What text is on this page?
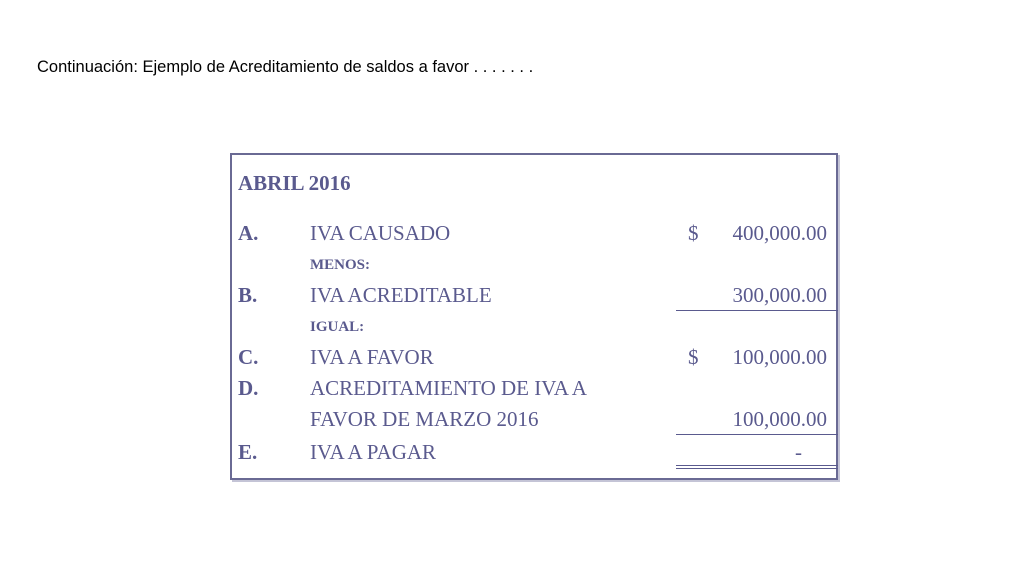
Continuación: Ejemplo de Acreditamiento de saldos a favor . . . . . . .
ABRIL 2016
A. IVA CAUSADO	$ 400,000.00
MENOS:
B.	IVA ACREDITABLE	300,000.00
IGUAL:
C. IVA A FAVOR	$ 100,000.00
D. ACREDITAMIENTO DE IVA A
FAVOR DE MARZO 2016	100,000.00
E.	IVA A PAGAR	-
